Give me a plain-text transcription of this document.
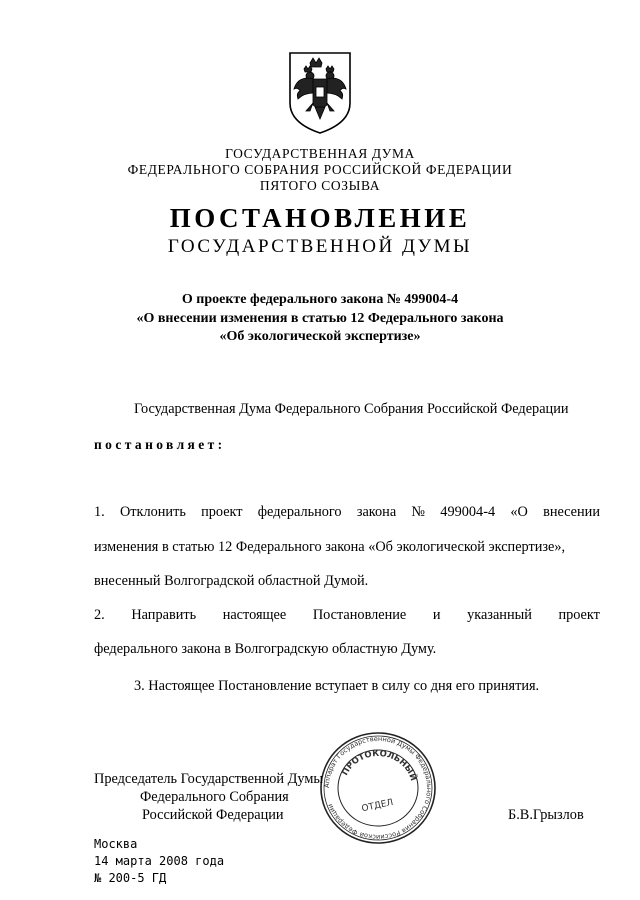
ГОСУДАРСТВЕННАЯ ДУМА
ФЕДЕРАЛЬНОГО СОБРАНИЯ РОССИЙСКОЙ ФЕДЕРАЦИИ
ПЯТОГО СОЗЫВА
ПОСТАНОВЛЕНИЕ
ГОСУДАРСТВЕННОЙ ДУМЫ
О проекте федерального закона № 499004-4
«О внесении изменения в статью 12 Федерального закона
«Об экологической экспертизе»
Государственная Дума Федерального Собрания Российской Федерации
постановляет:
1. Отклонить проект федерального закона № 499004-4 «О внесении
изменения в статью 12 Федерального закона «Об экологической экспертизе»,
внесенный Волгоградской областной Думой.
2. Направить настоящее Постановление и указанный проект
федерального закона в Волгоградскую областную Думу.
3. Настоящее Постановление вступает в силу со дня его принятия.
Аппарат Государственной Думы Федерального Собрания Российской Федерации
ПРОТОКОЛЬНЫЙ
ОТДЕЛ
Председатель Государственной Думы
Федерального Собрания
Российской Федерации	Б.В.Грызлов
Москва
14 марта 2008 года
№ 200-5 ГД
